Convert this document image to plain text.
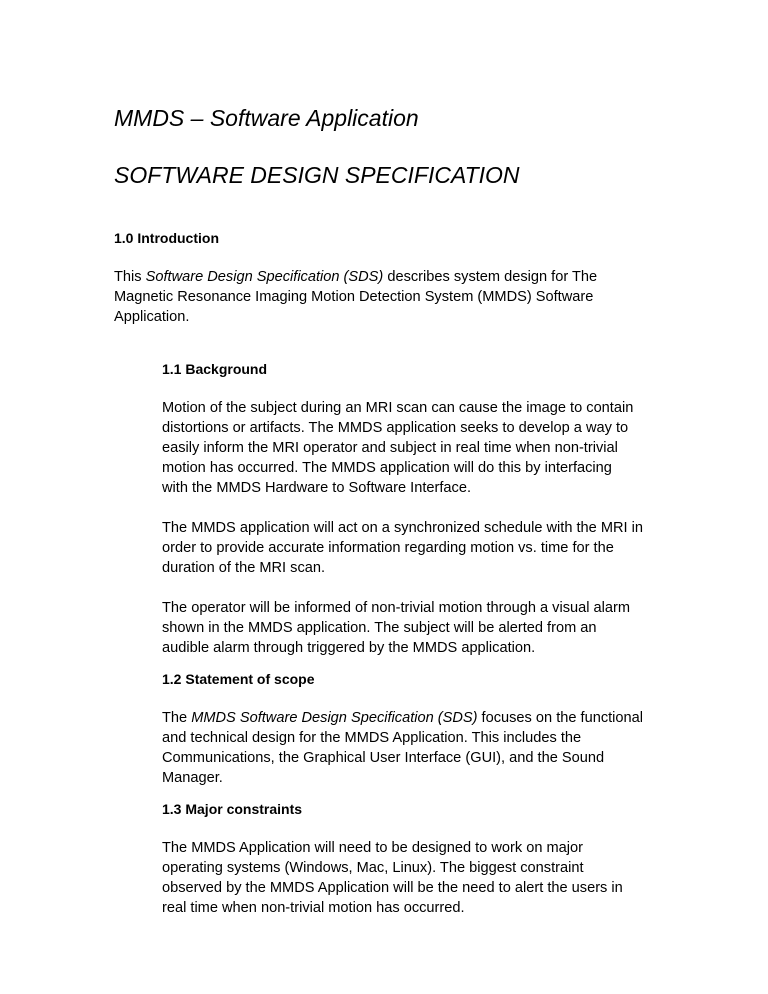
MMDS – Software Application
SOFTWARE DESIGN SPECIFICATION
1.0 Introduction
This Software Design Specification (SDS) describes system design for The
Magnetic Resonance Imaging Motion Detection System (MMDS) Software
Application.
1.1 Background
Motion of the subject during an MRI scan can cause the image to contain
distortions or artifacts. The MMDS application seeks to develop a way to
easily inform the MRI operator and subject in real time when non-trivial
motion has occurred. The MMDS application will do this by interfacing
with the MMDS Hardware to Software Interface.
The MMDS application will act on a synchronized schedule with the MRI in
order to provide accurate information regarding motion vs. time for the
duration of the MRI scan.
The operator will be informed of non-trivial motion through a visual alarm
shown in the MMDS application. The subject will be alerted from an
audible alarm through triggered by the MMDS application.
1.2 Statement of scope
The MMDS Software Design Specification (SDS) focuses on the functional
and technical design for the MMDS Application. This includes the
Communications, the Graphical User Interface (GUI), and the Sound
Manager.
1.3 Major constraints
The MMDS Application will need to be designed to work on major
operating systems (Windows, Mac, Linux). The biggest constraint
observed by the MMDS Application will be the need to alert the users in
real time when non-trivial motion has occurred.
